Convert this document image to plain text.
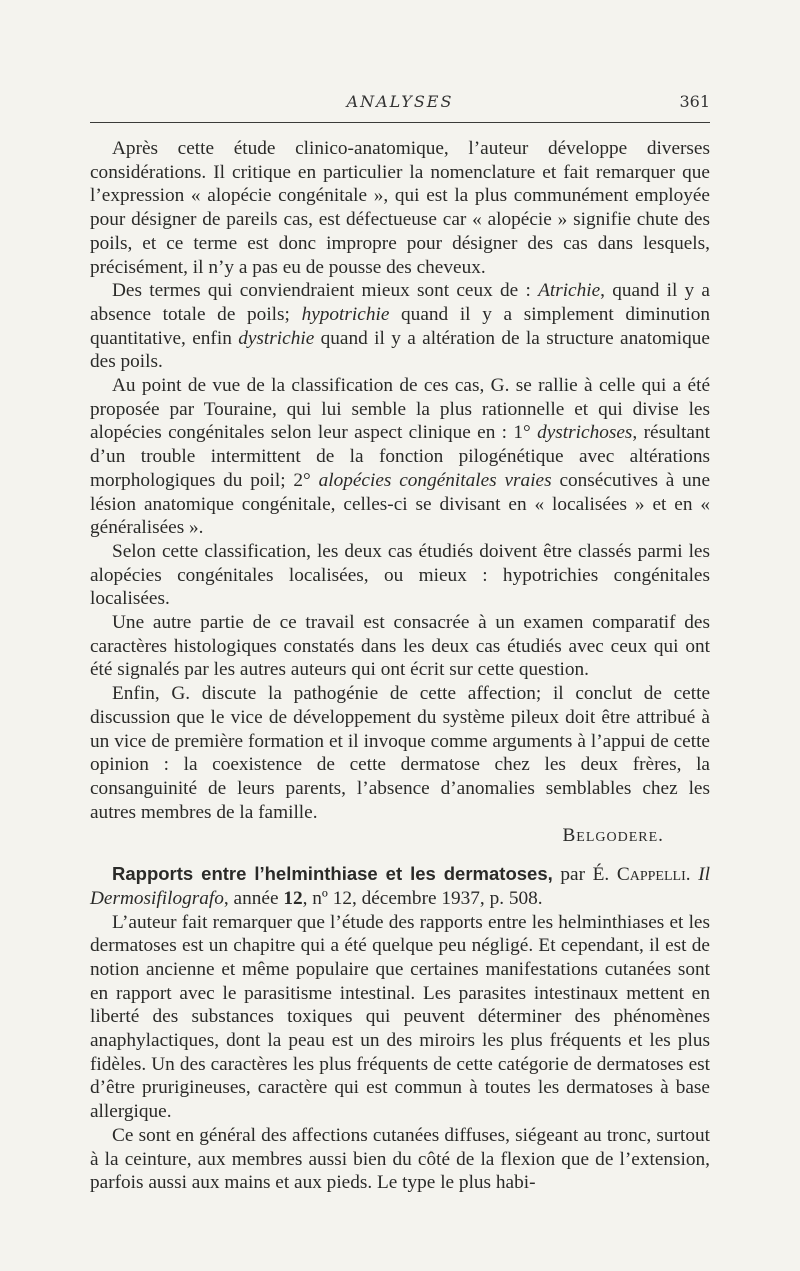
ANALYSES	361

Après cette étude clinico-anatomique, l’auteur développe diverses considérations. Il critique en particulier la nomenclature et fait remarquer que l’expression « alopécie congénitale », qui est la plus communément employée pour désigner de pareils cas, est défectueuse car « alopécie » signifie chute des poils, et ce terme est donc impropre pour désigner des cas dans lesquels, précisément, il n’y a pas eu de pousse des cheveux.

Des termes qui conviendraient mieux sont ceux de : Atrichie, quand il y a absence totale de poils; hypotrichie quand il y a simplement diminution quantitative, enfin dystrichie quand il y a altération de la structure anatomique des poils.

Au point de vue de la classification de ces cas, G. se rallie à celle qui a été proposée par Touraine, qui lui semble la plus rationnelle et qui divise les alopécies congénitales selon leur aspect clinique en : 1° dystrichoses, résultant d’un trouble intermittent de la fonction pilogénétique avec altérations morphologiques du poil; 2° alopécies congénitales vraies consécutives à une lésion anatomique congénitale, celles-ci se divisant en « localisées » et en « généralisées ».

Selon cette classification, les deux cas étudiés doivent être classés parmi les alopécies congénitales localisées, ou mieux : hypotrichies congénitales localisées.

Une autre partie de ce travail est consacrée à un examen comparatif des caractères histologiques constatés dans les deux cas étudiés avec ceux qui ont été signalés par les autres auteurs qui ont écrit sur cette question.

Enfin, G. discute la pathogénie de cette affection; il conclut de cette discussion que le vice de développement du système pileux doit être attribué à un vice de première formation et il invoque comme arguments à l’appui de cette opinion : la coexistence de cette dermatose chez les deux frères, la consanguinité de leurs parents, l’absence d’anomalies semblables chez les autres membres de la famille.

Belgodere.

Rapports entre l’helminthiase et les dermatoses, par É. Cappelli. Il Dermosifilografo, année 12, nº 12, décembre 1937, p. 508.

L’auteur fait remarquer que l’étude des rapports entre les helminthiases et les dermatoses est un chapitre qui a été quelque peu négligé. Et cependant, il est de notion ancienne et même populaire que certaines manifestations cutanées sont en rapport avec le parasitisme intestinal. Les parasites intestinaux mettent en liberté des substances toxiques qui peuvent déterminer des phénomènes anaphylactiques, dont la peau est un des miroirs les plus fréquents et les plus fidèles. Un des caractères les plus fréquents de cette catégorie de dermatoses est d’être prurigineuses, caractère qui est commun à toutes les dermatoses à base allergique.

Ce sont en général des affections cutanées diffuses, siégeant au tronc, surtout à la ceinture, aux membres aussi bien du côté de la flexion que de l’extension, parfois aussi aux mains et aux pieds. Le type le plus habi-
